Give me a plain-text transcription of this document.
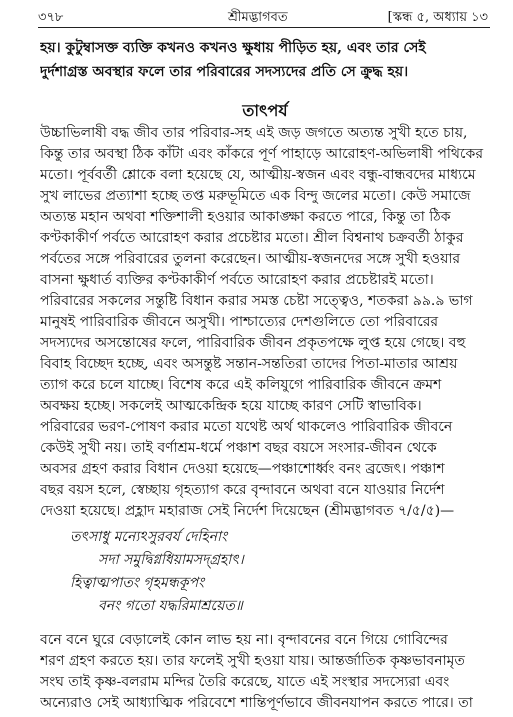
৩৭৮	শ্রীমদ্ভাগবত	[স্কন্ধ ৫, অধ্যায় ১৩
হয়। কুটুম্বাসক্ত ব্যক্তি কখনও কখনও ক্ষুধায় পীড়িত হয়, এবং তার সেই
দুর্দশাগ্রস্ত অবস্থার ফলে তার পরিবারের সদস্যদের প্রতি সে ক্রুদ্ধ হয়।
তাৎপর্য
উচ্চাভিলাষী বদ্ধ জীব তার পরিবার-সহ এই জড় জগতে অত্যন্ত সুখী হতে চায়,
কিন্তু তার অবস্থা ঠিক কাঁটা এবং কাঁকরে পূর্ণ পাহাড়ে আরোহণ-অভিলাষী পথিকের
মতো। পূর্ববর্তী শ্লোকে বলা হয়েছে যে, আত্মীয়-স্বজন এবং বন্ধু-বান্ধবদের মাধ্যমে
সুখ লাভের প্রত্যাশা হচ্ছে তপ্ত মরুভূমিতে এক বিন্দু জলের মতো। কেউ সমাজে
অত্যন্ত মহান অথবা শক্তিশালী হওয়ার আকাঙ্ক্ষা করতে পারে, কিন্তু তা ঠিক
কণ্টকাকীর্ণ পর্বতে আরোহণ করার প্রচেষ্টার মতো। শ্রীল বিশ্বনাথ চক্রবর্তী ঠাকুর
পর্বতের সঙ্গে পরিবারের তুলনা করেছেন। আত্মীয়-স্বজনদের সঙ্গে সুখী হওয়ার
বাসনা ক্ষুধার্ত ব্যক্তির কণ্টকাকীর্ণ পর্বতে আরোহণ করার প্রচেষ্টারই মতো।
পরিবারের সকলের সন্তুষ্টি বিধান করার সমস্ত চেষ্টা সত্ত্বেও, শতকরা ৯৯.৯ ভাগ
মানুষই পারিবারিক জীবনে অসুখী। পাশ্চাত্যের দেশগুলিতে তো পরিবারের
সদস্যদের অসন্তোষের ফলে, পারিবারিক জীবন প্রকৃতপক্ষে লুপ্ত হয়ে গেছে। বহু
বিবাহ বিচ্ছেদ হচ্ছে, এবং অসন্তুষ্ট সন্তান-সন্ততিরা তাদের পিতা-মাতার আশ্রয়
ত্যাগ করে চলে যাচ্ছে। বিশেষ করে এই কলিযুগে পারিবারিক জীবনে ক্রমশ
অবক্ষয় হচ্ছে। সকলেই আত্মকেন্দ্রিক হয়ে যাচ্ছে কারণ সেটি স্বাভাবিক।
পরিবারের ভরণ-পোষণ করার মতো যথেষ্ট অর্থ থাকলেও পারিবারিক জীবনে
কেউই সুখী নয়। তাই বর্ণাশ্রম-ধর্মে পঞ্চাশ বছর বয়সে সংসার-জীবন থেকে
অবসর গ্রহণ করার বিধান দেওয়া হয়েছে—পঞ্চাশোর্ধ্বং বনং ব্রজেৎ। পঞ্চাশ
বছর বয়স হলে, স্বেচ্ছায় গৃহত্যাগ করে বৃন্দাবনে অথবা বনে যাওয়ার নির্দেশ
দেওয়া হয়েছে। প্রহ্লাদ মহারাজ সেই নির্দেশ দিয়েছেন (শ্রীমদ্ভাগবত ৭/৫/৫)—
তৎসাধু মন্যেঽসুরবর্য দেহিনাং
সদা সমুদ্বিগ্নধিয়ামসদ্গ্রহাৎ।
হিত্বাত্মপাতং গৃহমন্ধকূপং
বনং গতো যদ্ধরিমাশ্রয়েত॥
বনে বনে ঘুরে বেড়ালেই কোন লাভ হয় না। বৃন্দাবনের বনে গিয়ে গোবিন্দের
শরণ গ্রহণ করতে হয়। তার ফলেই সুখী হওয়া যায়। আন্তর্জাতিক কৃষ্ণভাবনামৃত
সংঘ তাই কৃষ্ণ-বলরাম মন্দির তৈরি করেছে, যাতে এই সংস্থার সদস্যেরা এবং
অন্যেরাও সেই আধ্যাত্মিক পরিবেশে শান্তিপূর্ণভাবে জীবনযাপন করতে পারে। তা
